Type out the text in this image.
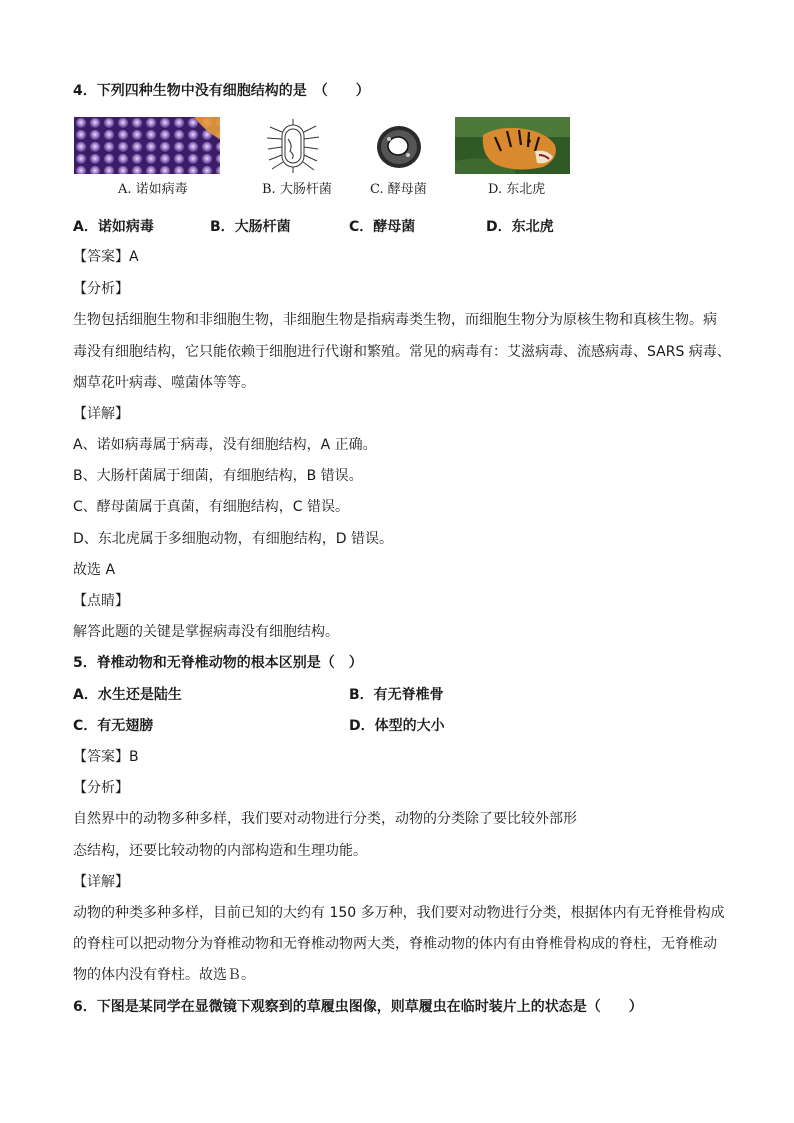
4．下列四种生物中没有细胞结构的是　（　　）
A. 诺如病毒	B. 大肠杆菌	C. 酵母菌	D. 东北虎
A．诺如病毒	B．大肠杆菌	C．酵母菌	D．东北虎
【答案】A
【分析】
生物包括细胞生物和非细胞生物，非细胞生物是指病毒类生物，而细胞生物分为原核生物和真核生物。病
毒没有细胞结构，它只能依赖于细胞进行代谢和繁殖。常见的病毒有：艾滋病毒、流感病毒、SARS 病毒、
烟草花叶病毒、噬菌体等等。
【详解】
A、诺如病毒属于病毒，没有细胞结构，A 正确。
B、大肠杆菌属于细菌，有细胞结构，B 错误。
C、酵母菌属于真菌，有细胞结构，C 错误。
D、东北虎属于多细胞动物，有细胞结构，D 错误。
故选 A
【点睛】
解答此题的关键是掌握病毒没有细胞结构。
5．脊椎动物和无脊椎动物的根本区别是（　）
A．水生还是陆生	B．有无脊椎骨
C．有无翅膀	D．体型的大小
【答案】B
【分析】
自然界中的动物多种多样，我们要对动物进行分类，动物的分类除了要比较外部形
态结构，还要比较动物的内部构造和生理功能。
【详解】
动物的种类多种多样，目前已知的大约有 150 多万种，我们要对动物进行分类，根据体内有无脊椎骨构成
的脊柱可以把动物分为脊椎动物和无脊椎动物两大类，脊椎动物的体内有由脊椎骨构成的脊柱，无脊椎动
物的体内没有脊柱。故选Ｂ。
6．下图是某同学在显微镜下观察到的草履虫图像，则草履虫在临时装片上的状态是（　　）
